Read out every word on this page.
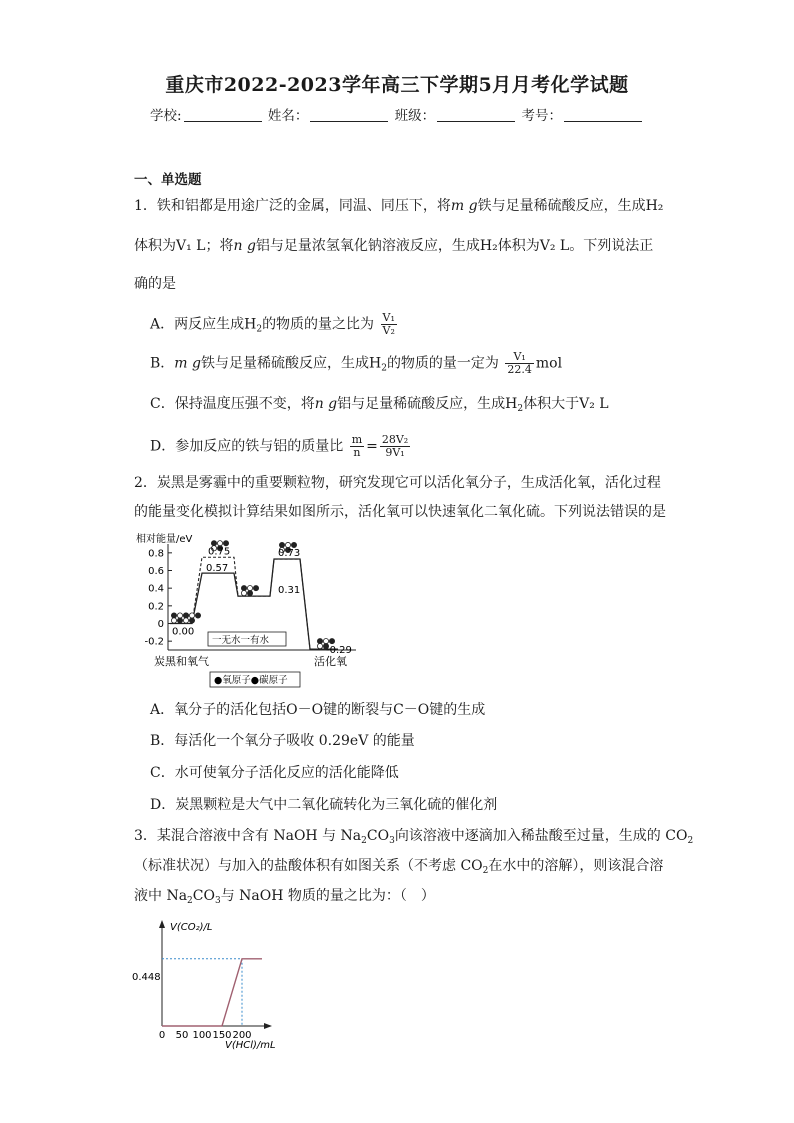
重庆市2022-2023学年高三下学期5月月考化学试题
学校:	姓名：	班级：	考号：
一、单选题
1．铁和铝都是用途广泛的金属，同温、同压下，将m g铁与足量稀硫酸反应，生成H₂
体积为V₁ L；将n g铝与足量浓氢氧化钠溶液反应，生成H₂体积为V₂ L。下列说法正
确的是
A．两反应生成$H_2$的物质的量之比为 $\frac{\text{V₁}}{\text{V₂}}$
B．m g铁与足量稀硫酸反应，生成$H_2$的物质的量一定为 $\frac{\text{V₁}}{22.4}$ mol
C．保持温度压强不变，将n g铝与足量稀硫酸反应，生成$H_2$体积大于V₂ L
D．参加反应的铁与铝的质量比 $\frac{m}{n} = \frac{\text{28V₂}}{\text{9V₁}}$
2．炭黑是雾霾中的重要颗粒物，研究发现它可以活化氧分子，生成活化氧，活化过程
的能量变化模拟计算结果如图所示，活化氧可以快速氧化二氧化硫。下列说法错误的是
相对能量/eV
0.8
0.6
0.4
0.2
0
-0.2
0.00
0.75
0.57
0.31
0.73
-0.29
一无水一有水
炭黑和氧气	活化氧
●氧原子●碳原子
A．氧分子的活化包括O－O键的断裂与C－O键的生成
B．每活化一个氧分子吸收 0.29eV 的能量
C．水可使氧分子活化反应的活化能降低
D．炭黑颗粒是大气中二氧化硫转化为三氧化硫的催化剂
3．某混合溶液中含有 NaOH 与 $Na_2CO_3$向该溶液中逐滴加入稀盐酸至过量，生成的 $CO_2$
（标准状况）与加入的盐酸体积有如图关系（不考虑 $CO_2$在水中的溶解），则该混合溶
液中 $Na_2CO_3$与 NaOH 物质的量之比为：（　）
V(CO₂)/L
0 50 100 150 200
0.448
V(HCl)/mL
